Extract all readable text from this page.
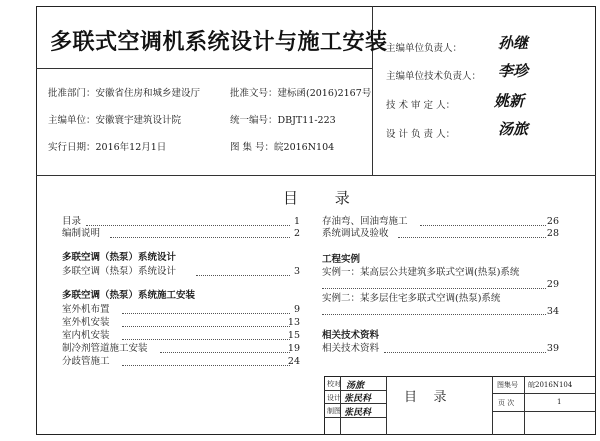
多联式空调机系统设计与施工安装
批准部门：安徽省住房和城乡建设厅	批准文号：建标函(2016)2167号
主编单位：安徽寰宇建筑设计院	统一编号：DBJT11-223
实行日期：2016年12月1日	图 集 号：皖2016N104
主编单位负责人： 孙继
主编单位技术负责人： 李珍
技 术 审 定 人：	姚新
设 计 负 责 人：	汤旅
目 录
目录	1
编制说明	2
多联空调（热泵）系统设计
多联空调（热泵）系统设计	3
多联空调（热泵）系统施工安装
室外机布置	9
室外机安装	13
室内机安装	15
制冷剂管道施工安装	19
分歧管施工	24
存油弯、回油弯施工	26
系统调试及验收	28
工程实例
实例一：某高层公共建筑多联式空调(热泵)系统
29
实例二：某多层住宅多联式空调(热泵)系统
34
相关技术资料
相关技术资料	39
校对 汤旅
设计 张民科
制图 张民科
目    录
图集号 皖2016N104
页 次	1
